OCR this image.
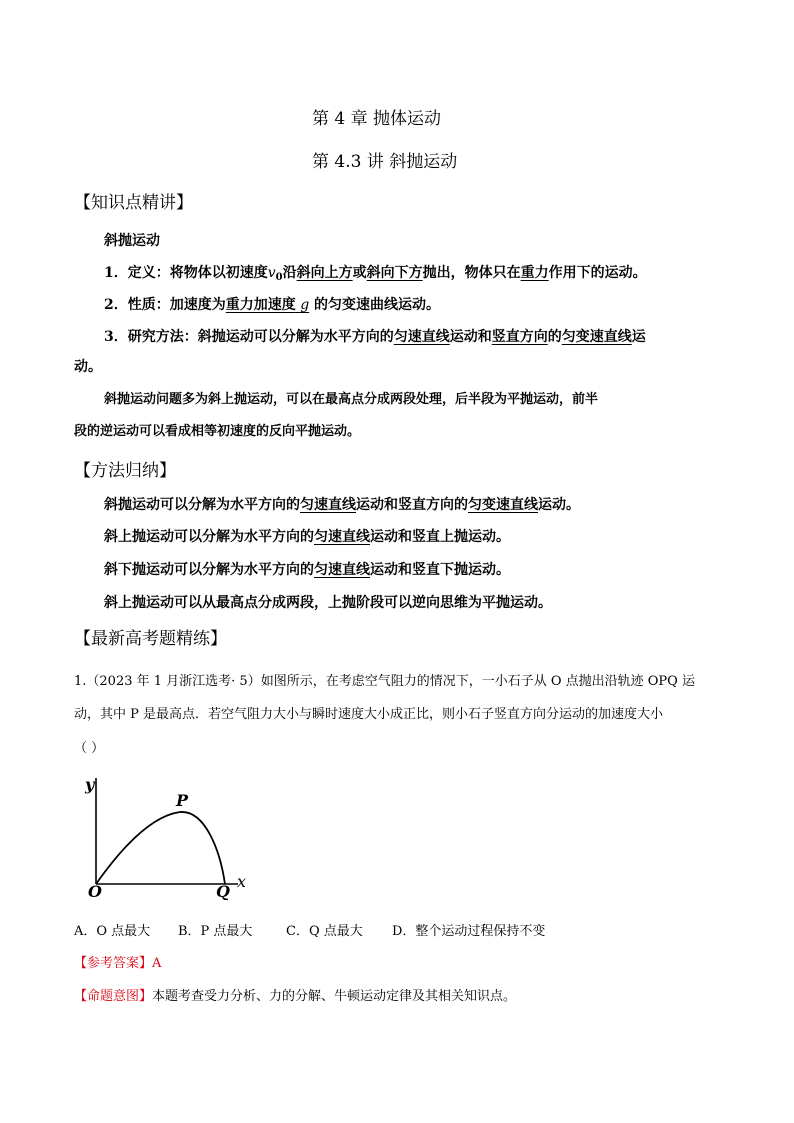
第 4 章 抛体运动
第 4.3 讲 斜抛运动
【知识点精讲】
斜抛运动
1．定义：将物体以初速度$v_0$沿斜向上方或斜向下方抛出，物体只在重力作用下的运动。
2．性质：加速度为重力加速度 g 的匀变速曲线运动。
3．研究方法：斜抛运动可以分解为水平方向的匀速直线运动和竖直方向的匀变速直线运
动。
斜抛运动问题多为斜上抛运动，可以在最高点分成两段处理，后半段为平抛运动，前半
段的逆运动可以看成相等初速度的反向平抛运动。
【方法归纳】
斜抛运动可以分解为水平方向的匀速直线运动和竖直方向的匀变速直线运动。
斜上抛运动可以分解为水平方向的匀速直线运动和竖直上抛运动。
斜下抛运动可以分解为水平方向的匀速直线运动和竖直下抛运动。
斜上抛运动可以从最高点分成两段，上抛阶段可以逆向思维为平抛运动。
【最新高考题精练】
1.（2023 年 1 月浙江选考· 5）如图所示，在考虑空气阻力的情况下，一小石子从 O 点抛出沿轨迹 OPQ 运
动，其中 P 是最高点．若空气阻力大小与瞬时速度大小成正比，则小石子竖直方向分运动的加速度大小
（ ）
y
x
O
P
Q
A．O 点最大 B．P 点最大	C．Q 点最大 D．整个运动过程保持不变
【参考答案】A
【命题意图】本题考查受力分析、力的分解、牛顿运动定律及其相关知识点。
